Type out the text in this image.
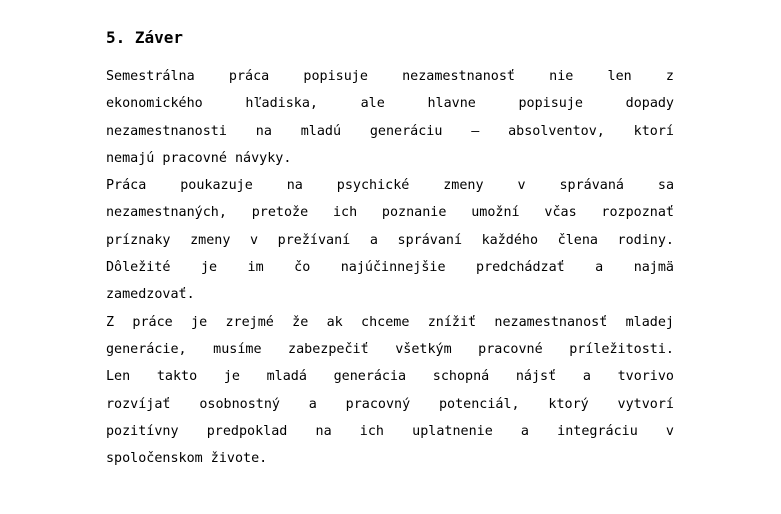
5. Záver
Semestrálna práca popisuje nezamestnanosť nie len z
ekonomického hľadiska, ale hlavne popisuje dopady
nezamestnanosti na mladú generáciu – absolventov, ktorí
nemajú pracovné návyky.
Práca poukazuje na psychické zmeny v správaná sa
nezamestnaných, pretože ich poznanie umožní včas rozpoznať
príznaky zmeny v prežívaní a správaní každého člena rodiny.
Dôležité je im čo najúčinnejšie predchádzať a najmä
zamedzovať.
Z práce je zrejmé že ak chceme znížiť nezamestnanosť mladej
generácie, musíme zabezpečiť všetkým pracovné príležitosti.
Len takto je mladá generácia schopná nájsť a tvorivo
rozvíjať osobnostný a pracovný potenciál, ktorý vytvorí
pozitívny predpoklad na ich uplatnenie a integráciu v
spoločenskom živote.
